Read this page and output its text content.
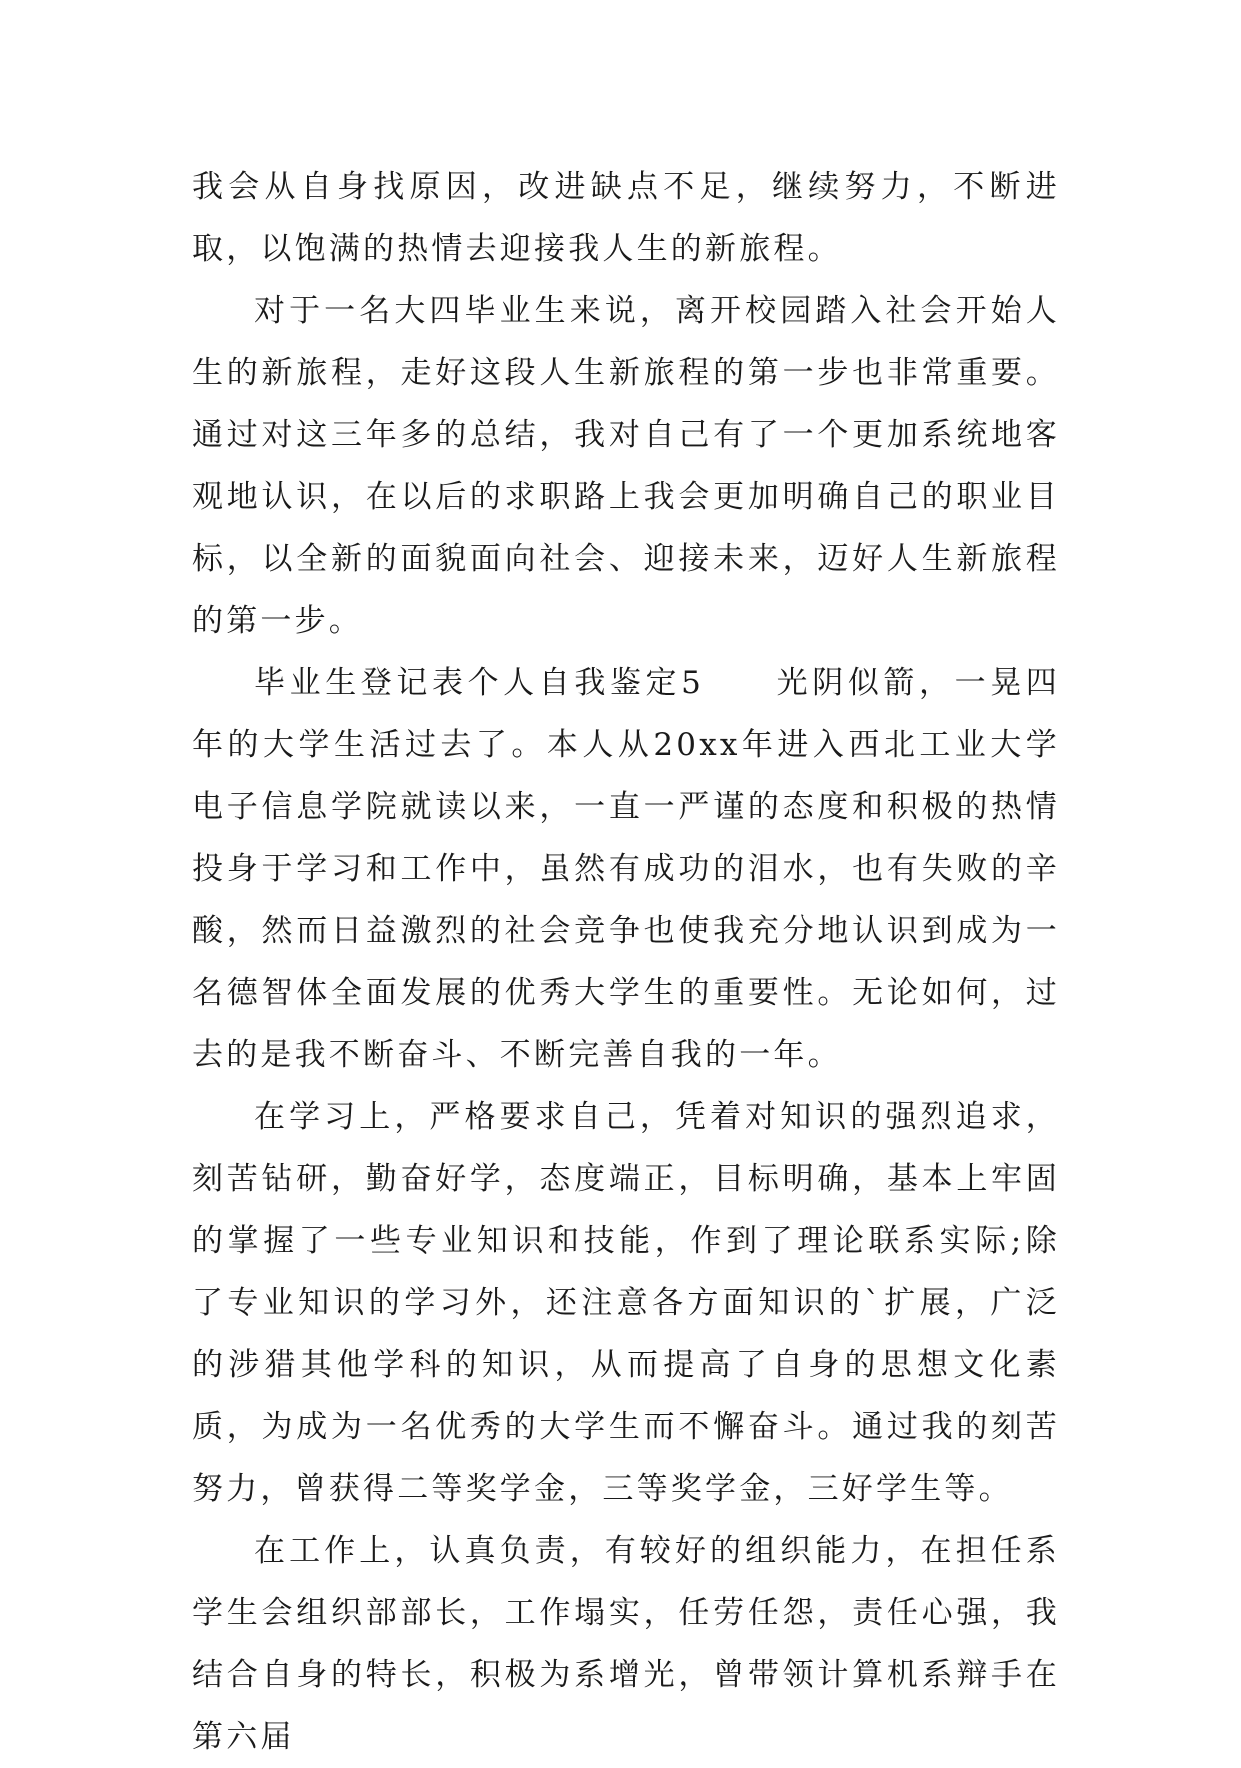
我会从自身找原因，改进缺点不足，继续努力，不断进取，以饱满的热情去迎接我人生的新旅程。

对于一名大四毕业生来说，离开校园踏入社会开始人生的新旅程，走好这段人生新旅程的第一步也非常重要。通过对这三年多的总结，我对自己有了一个更加系统地客观地认识，在以后的求职路上我会更加明确自己的职业目标，以全新的面貌面向社会、迎接未来，迈好人生新旅程的第一步。

毕业生登记表个人自我鉴定5　　光阴似箭，一晃四年的大学生活过去了。本人从20xx年进入西北工业大学电子信息学院就读以来，一直一严谨的态度和积极的热情投身于学习和工作中，虽然有成功的泪水，也有失败的辛酸，然而日益激烈的社会竞争也使我充分地认识到成为一名德智体全面发展的优秀大学生的重要性。无论如何，过去的是我不断奋斗、不断完善自我的一年。

在学习上，严格要求自己，凭着对知识的强烈追求，刻苦钻研，勤奋好学，态度端正，目标明确，基本上牢固的掌握了一些专业知识和技能，作到了理论联系实际;除了专业知识的学习外，还注意各方面知识的`扩展，广泛的涉猎其他学科的知识，从而提高了自身的思想文化素质，为成为一名优秀的大学生而不懈奋斗。通过我的刻苦努力，曾获得二等奖学金，三等奖学金，三好学生等。

在工作上，认真负责，有较好的组织能力，在担任系学生会组织部部长，工作塌实，任劳任怨，责任心强，我结合自身的特长，积极为系增光，曾带领计算机系辩手在第六届
